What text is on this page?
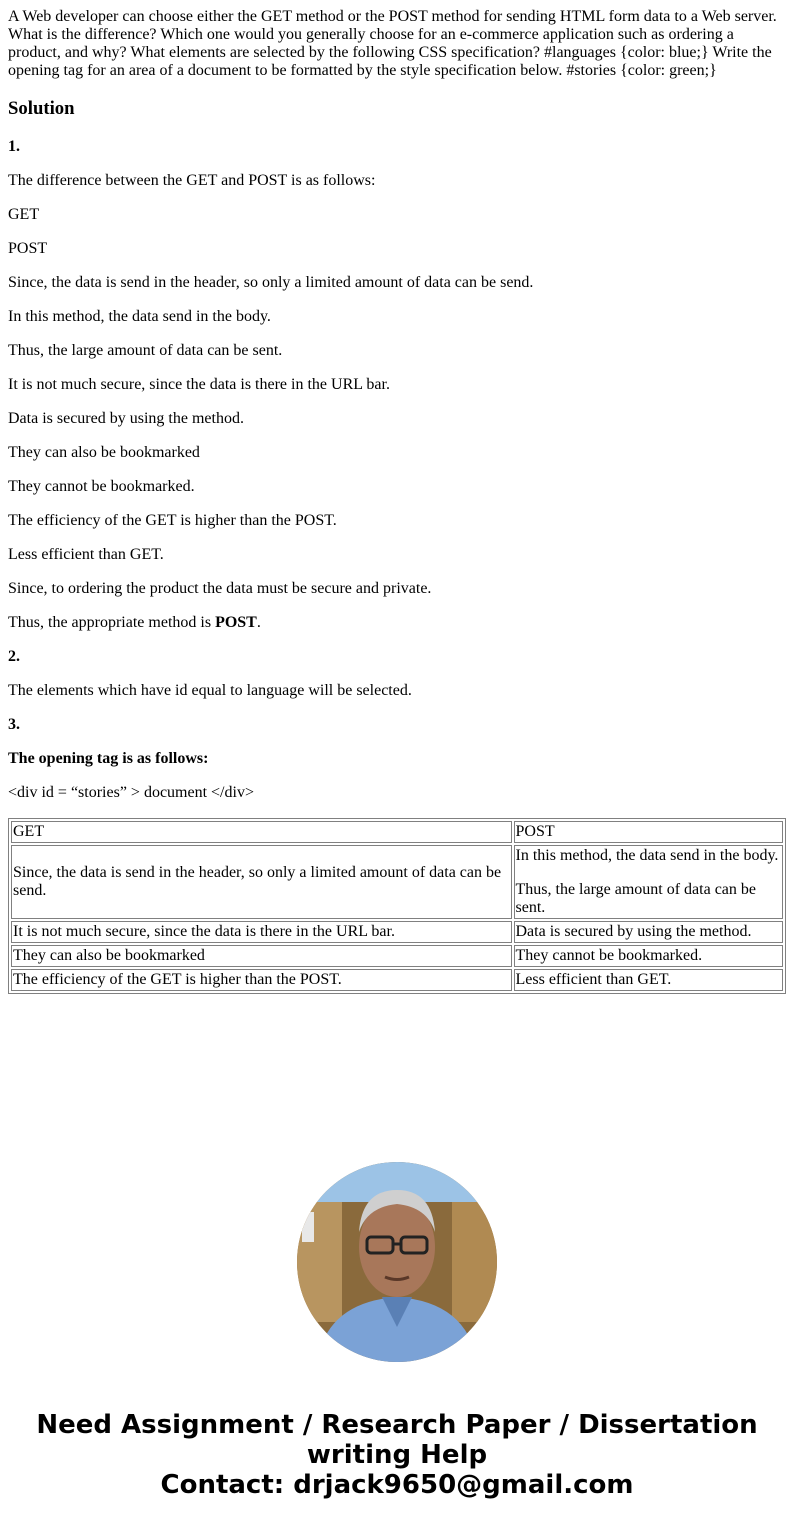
A Web developer can choose either the GET method or the POST method for sending HTML form data to a Web server. What is the difference? Which one would you generally choose for an e-commerce application such as ordering a product, and why? What elements are selected by the following CSS specification? #languages {color: blue;} Write the opening tag for an area of a document to be formatted by the style specification below. #stories {color: green;}

Solution

1.

The difference between the GET and POST is as follows:

GET

POST

Since, the data is send in the header, so only a limited amount of data can be send.

In this method, the data send in the body.

Thus, the large amount of data can be sent.

It is not much secure, since the data is there in the URL bar.

Data is secured by using the method.

They can also be bookmarked

They cannot be bookmarked.

The efficiency of the GET is higher than the POST.

Less efficient than GET.

Since, to ordering the product the data must be secure and private.

Thus, the appropriate method is POST.

2.

The elements which have id equal to language will be selected.

3.

The opening tag is as follows:

<div id = “stories” > document </div>

GET	POST
Since, the data is send in the header, so only a limited amount of data can be send.	In this method, the data send in the body.

Thus, the large amount of data can be sent.

It is not much secure, since the data is there in the URL bar.	Data is secured by using the method.
They can also be bookmarked	They cannot be bookmarked.
The efficiency of the GET is higher than the POST.	Less efficient than GET.
Need Assignment / Research Paper / Dissertation writing Help
Contact: drjack9650@gmail.com
